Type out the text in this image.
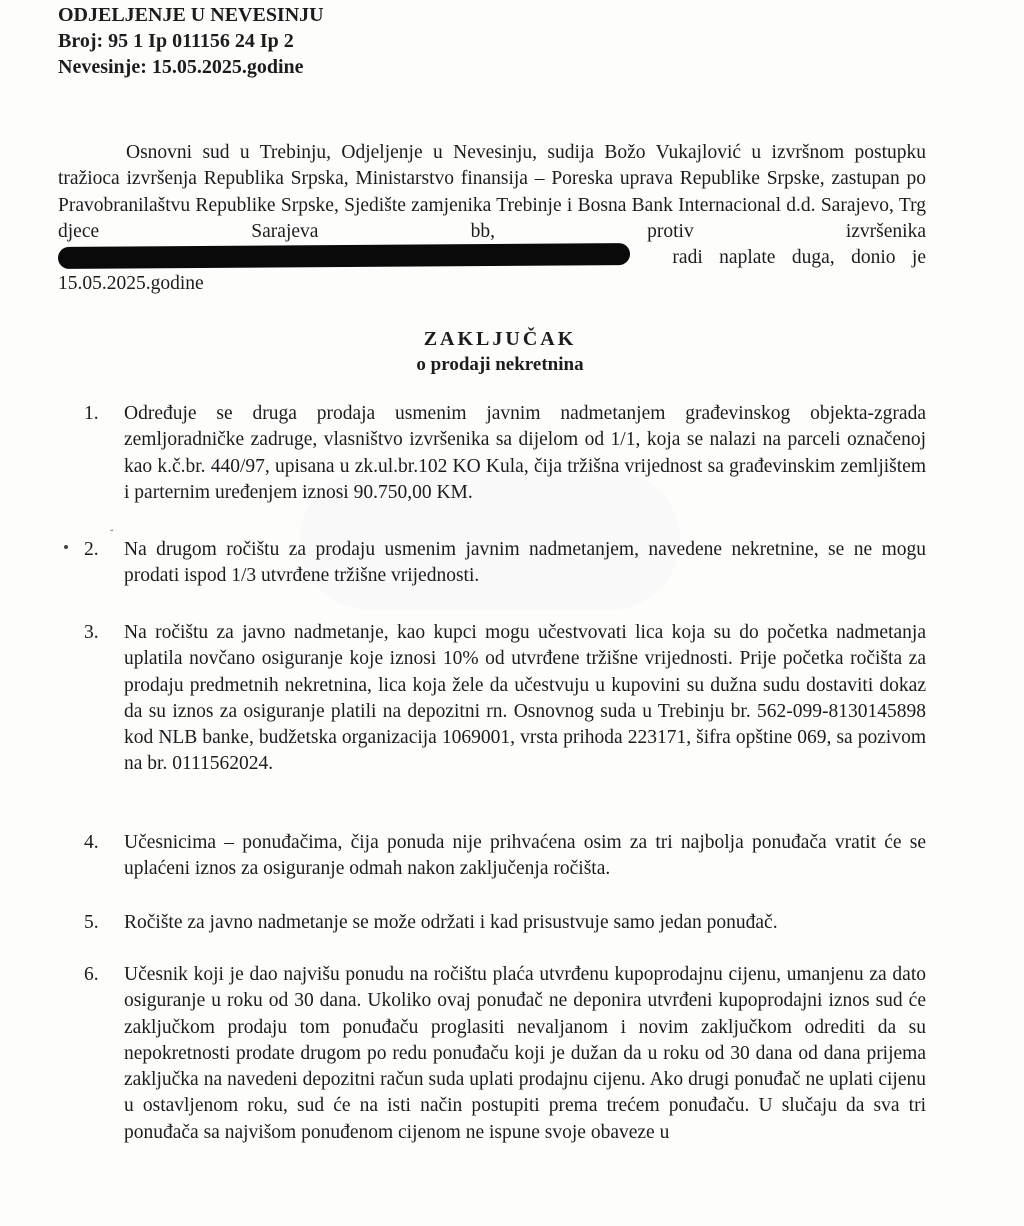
ODJELJENJE U NEVESINJU
Broj: 95 1 Ip 011156 24 Ip 2
Nevesinje: 15.05.2025.godine
Osnovni sud u Trebinju, Odjeljenje u Nevesinju, sudija Božo Vukajlović u izvršnom postupku tražioca izvršenja Republika Srpska, Ministarstvo finansija – Poreska uprava Republike Srpske, zastupan po Pravobranilaštvu Republike Srpske, Sjedište zamjenika Trebinje i Bosna Bank Internacional d.d. Sarajevo, Trg djece Sarajeva bb, protiv izvršenika  radi naplate duga, donio je 15.05.2025.godine
ZAKLJUČAK
o prodaji nekretnina
ˇ
1.	Određuje se druga prodaja usmenim javnim nadmetanjem građevinskog objekta-zgrada zemljoradničke zadruge, vlasništvo izvršenika sa dijelom od 1/1, koja se nalazi na parceli označenoj kao k.č.br. 440/97, upisana u zk.ul.br.102 KO Kula, čija tržišna vrijednost sa građevinskim zemljištem i parternim uređenjem iznosi 90.750,00 KM.
2.	Na drugom ročištu za prodaju usmenim javnim nadmetanjem, navedene nekretnine, se ne mogu prodati ispod 1/3 utvrđene tržišne vrijednosti.
3.	Na ročištu za javno nadmetanje, kao kupci mogu učestvovati lica koja su do početka nadmetanja uplatila novčano osiguranje koje iznosi 10% od utvrđene tržišne vrijednosti. Prije početka ročišta za prodaju predmetnih nekretnina, lica koja žele da učestvuju u kupovini su dužna sudu dostaviti dokaz da su iznos za osiguranje platili na depozitni rn. Osnovnog suda u Trebinju br. 562-099-8130145898 kod NLB banke, budžetska organizacija 1069001, vrsta prihoda 223171, šifra opštine 069, sa pozivom na br. 0111562024.
4.	Učesnicima – ponuđačima, čija ponuda nije prihvaćena osim za tri najbolja ponuđača vratit će se uplaćeni iznos za osiguranje odmah nakon zaključenja ročišta.
5.	Ročište za javno nadmetanje se može održati i kad prisustvuje samo jedan ponuđač.
6.	Učesnik koji je dao najvišu ponudu na ročištu plaća utvrđenu kupoprodajnu cijenu, umanjenu za dato osiguranje u roku od 30 dana. Ukoliko ovaj ponuđač ne deponira utvrđeni kupoprodajni iznos sud će zaključkom prodaju tom ponuđaču proglasiti nevaljanom i novim zaključkom odrediti da su nepokretnosti prodate drugom po redu ponuđaču koji je dužan da u roku od 30 dana od dana prijema zaključka na navedeni depozitni račun suda uplati prodajnu cijenu. Ako drugi ponuđač ne uplati cijenu u ostavljenom roku, sud će na isti način postupiti prema trećem ponuđaču. U slučaju da sva tri ponuđača sa najvišom ponuđenom cijenom ne ispune svoje obaveze u
